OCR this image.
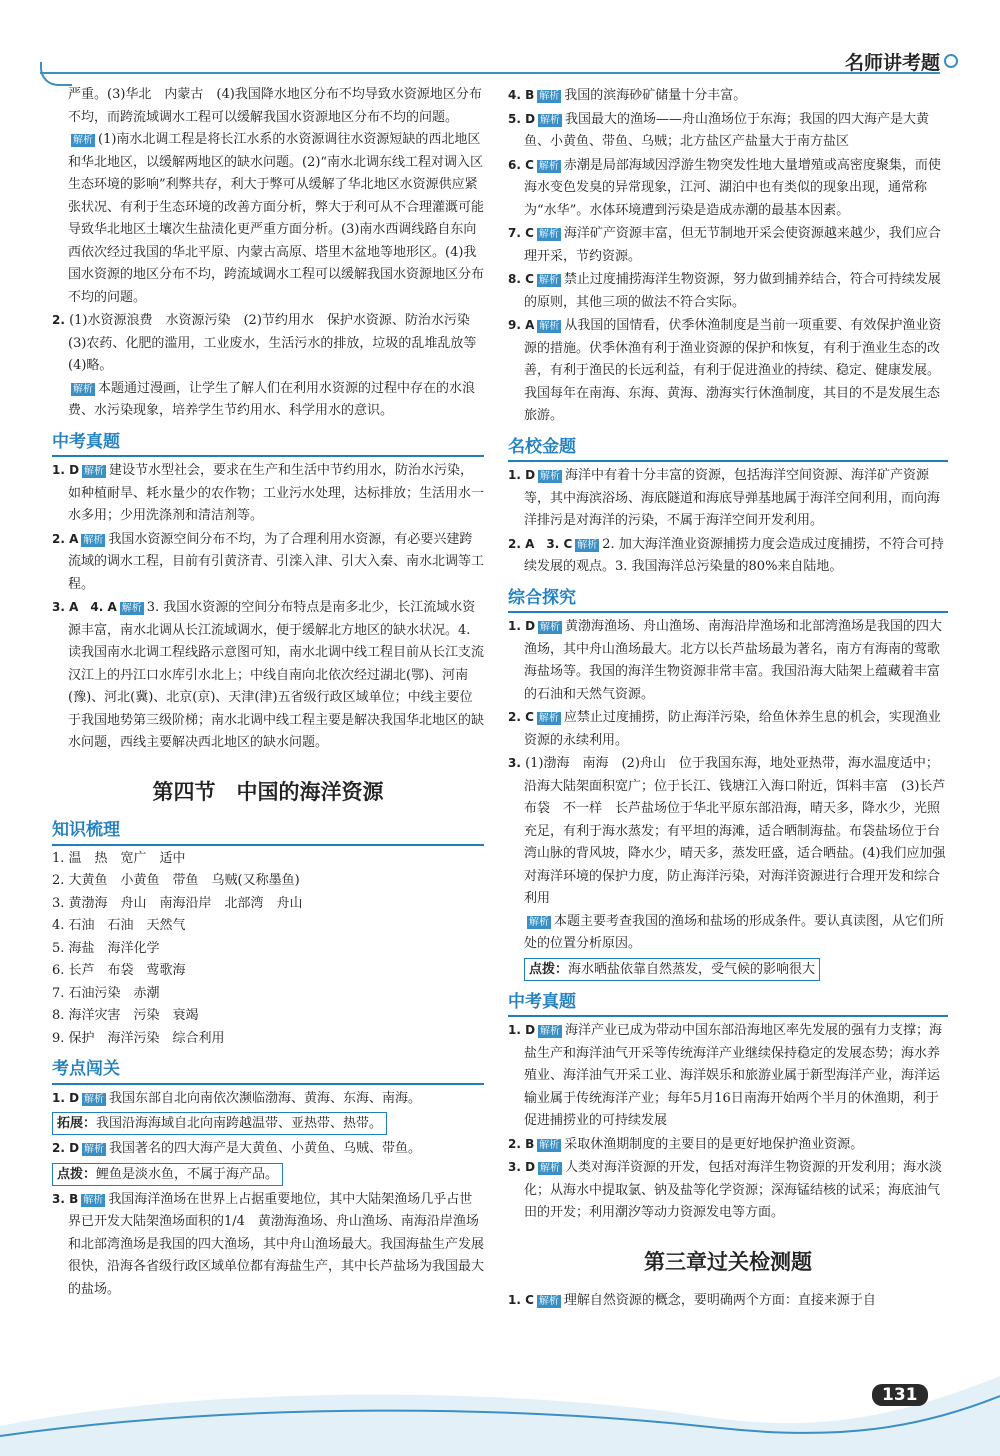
名师讲考题

严重。(3)华北　内蒙古　(4)我国降水地区分布不均导致水资源地区分布不均，而跨流域调水工程可以缓解我国水资源地区分布不均的问题。

解析 (1)南水北调工程是将长江水系的水资源调往水资源短缺的西北地区和华北地区，以缓解两地区的缺水问题。(2)“南水北调东线工程对调入区生态环境的影响”利弊共存，利大于弊可从缓解了华北地区水资源供应紧张状况、有利于生态环境的改善方面分析，弊大于利可从不合理灌溉可能导致华北地区土壤次生盐渍化更严重方面分析。(3)南水西调线路自东向西依次经过我国的华北平原、内蒙古高原、塔里木盆地等地形区。(4)我国水资源的地区分布不均，跨流域调水工程可以缓解我国水资源地区分布不均的问题。

2. (1)水资源浪费　水资源污染　(2)节约用水　保护水资源、防治水污染　(3)农药、化肥的滥用，工业废水，生活污水的排放，垃圾的乱堆乱放等　(4)略。

解析 本题通过漫画，让学生了解人们在利用水资源的过程中存在的水浪费、水污染现象，培养学生节约用水、科学用水的意识。

中考真题

1. D 解析 建设节水型社会，要求在生产和生活中节约用水，防治水污染，如种植耐旱、耗水量少的农作物；工业污水处理，达标排放；生活用水一水多用；少用洗涤剂和清洁剂等。

2. A 解析 我国水资源空间分布不均，为了合理利用水资源，有必要兴建跨流域的调水工程，目前有引黄济青、引滦入津、引大入秦、南水北调等工程。

3. A　4. A 解析 3. 我国水资源的空间分布特点是南多北少，长江流域水资源丰富，南水北调从长江流域调水，便于缓解北方地区的缺水状况。4. 读我国南水北调工程线路示意图可知，南水北调中线工程目前从长江支流汉江上的丹江口水库引水北上；中线自南向北依次经过湖北(鄂)、河南(豫)、河北(冀)、北京(京)、天津(津)五省级行政区域单位；中线主要位于我国地势第三级阶梯；南水北调中线工程主要是解决我国华北地区的缺水问题，西线主要解决西北地区的缺水问题。

第四节　中国的海洋资源
知识梳理

1. 温　热　宽广　适中

2. 大黄鱼　小黄鱼　带鱼　乌贼(又称墨鱼)

3. 黄渤海　舟山　南海沿岸　北部湾　舟山

4. 石油　石油　天然气

5. 海盐　海洋化学

6. 长芦　布袋　莺歌海

7. 石油污染　赤潮

8. 海洋灾害　污染　衰竭

9. 保护　海洋污染　综合利用

考点闯关

1. D 解析 我国东部自北向南依次濒临渤海、黄海、东海、南海。

拓展：我国沿海海域自北向南跨越温带、亚热带、热带。

2. D 解析 我国著名的四大海产是大黄鱼、小黄鱼、乌贼、带鱼。

点拨：鲤鱼是淡水鱼，不属于海产品。

3. B 解析 我国海洋渔场在世界上占据重要地位，其中大陆架渔场几乎占世界已开发大陆架渔场面积的1/4　黄渤海渔场、舟山渔场、南海沿岸渔场和北部湾渔场是我国的四大渔场，其中舟山渔场最大。我国海盐生产发展很快，沿海各省级行政区域单位都有海盐生产，其中长芦盐场为我国最大的盐场。

4. B 解析 我国的滨海砂矿储量十分丰富。

5. D 解析 我国最大的渔场——舟山渔场位于东海；我国的四大海产是大黄鱼、小黄鱼、带鱼、乌贼；北方盐区产盐量大于南方盐区

6. C 解析 赤潮是局部海域因浮游生物突发性地大量增殖或高密度聚集，而使海水变色发臭的异常现象，江河、湖泊中也有类似的现象出现，通常称为“水华”。水体环境遭到污染是造成赤潮的最基本因素。

7. C 解析 海洋矿产资源丰富，但无节制地开采会使资源越来越少，我们应合理开采，节约资源。

8. C 解析 禁止过度捕捞海洋生物资源，努力做到捕养结合，符合可持续发展的原则，其他三项的做法不符合实际。

9. A 解析 从我国的国情看，伏季休渔制度是当前一项重要、有效保护渔业资源的措施。伏季休渔有利于渔业资源的保护和恢复，有利于渔业生态的改善，有利于渔民的长远利益，有利于促进渔业的持续、稳定、健康发展。我国每年在南海、东海、黄海、渤海实行休渔制度，其目的不是发展生态旅游。

名校金题

1. D 解析 海洋中有着十分丰富的资源，包括海洋空间资源、海洋矿产资源等，其中海滨浴场、海底隧道和海底导弹基地属于海洋空间利用，而向海洋排污是对海洋的污染，不属于海洋空间开发利用。

2. A　3. C 解析 2. 加大海洋渔业资源捕捞力度会造成过度捕捞，不符合可持续发展的观点。3. 我国海洋总污染量的80%来自陆地。

综合探究

1. D 解析 黄渤海渔场、舟山渔场、南海沿岸渔场和北部湾渔场是我国的四大渔场，其中舟山渔场最大。北方以长芦盐场最为著名，南方有海南的莺歌海盐场等。我国的海洋生物资源非常丰富。我国沿海大陆架上蕴藏着丰富的石油和天然气资源。

2. C 解析 应禁止过度捕捞，防止海洋污染，给鱼休养生息的机会，实现渔业资源的永续利用。

3. (1)渤海　南海　(2)舟山　位于我国东海，地处亚热带，海水温度适中；沿海大陆架面积宽广；位于长江、钱塘江入海口附近，饵料丰富　(3)长芦　布袋　不一样　长芦盐场位于华北平原东部沿海，晴天多，降水少，光照充足，有利于海水蒸发；有平坦的海滩，适合晒制海盐。布袋盐场位于台湾山脉的背风坡，降水少，晴天多，蒸发旺盛，适合晒盐。(4)我们应加强对海洋环境的保护力度，防止海洋污染，对海洋资源进行合理开发和综合利用

解析 本题主要考查我国的渔场和盐场的形成条件。要认真读图，从它们所处的位置分析原因。

点拨：海水晒盐依靠自然蒸发，受气候的影响很大
中考真题

1. D 解析 海洋产业已成为带动中国东部沿海地区率先发展的强有力支撑；海盐生产和海洋油气开采等传统海洋产业继续保持稳定的发展态势；海水养殖业、海洋油气开采工业、海洋娱乐和旅游业属于新型海洋产业，海洋运输业属于传统海洋产业；每年5月16日南海开始两个半月的休渔期，利于促进捕捞业的可持续发展

2. B 解析 采取休渔期制度的主要目的是更好地保护渔业资源。

3. D 解析 人类对海洋资源的开发，包括对海洋生物资源的开发利用；海水淡化；从海水中提取氯、钠及盐等化学资源；深海锰结核的试采；海底油气田的开发；利用潮汐等动力资源发电等方面。

第三章过关检测题

1. C 解析 理解自然资源的概念，要明确两个方面：直接来源于自

131
